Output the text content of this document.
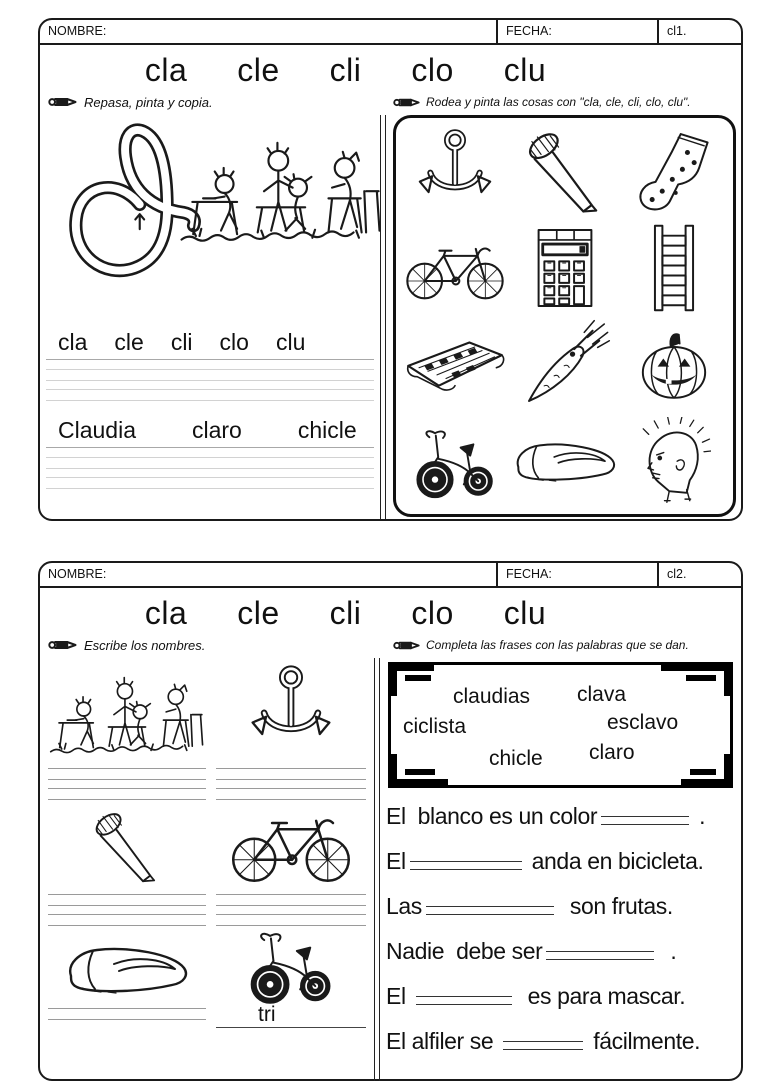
NOMBRE:	FECHA:	cl1.
cla cle cli clo clu
Repasa, pinta y copia.	Rodea y pinta las cosas con "cla, cle, cli, clo, clu".
cla cle cli clo clu
Claudia claro chicle
NOMBRE:	FECHA:	cl2.
cla cle cli clo clu
Escribe los nombres.	Completa las frases con las palabras que se dan.
tri
claudias clava
ciclista	esclavo
chicle claro
El  blanco es un color	.
El	anda en bicicleta.
Las	son frutas.
Nadie  debe ser	.
El	es para mascar.
El alfiler se	fácilmente.
